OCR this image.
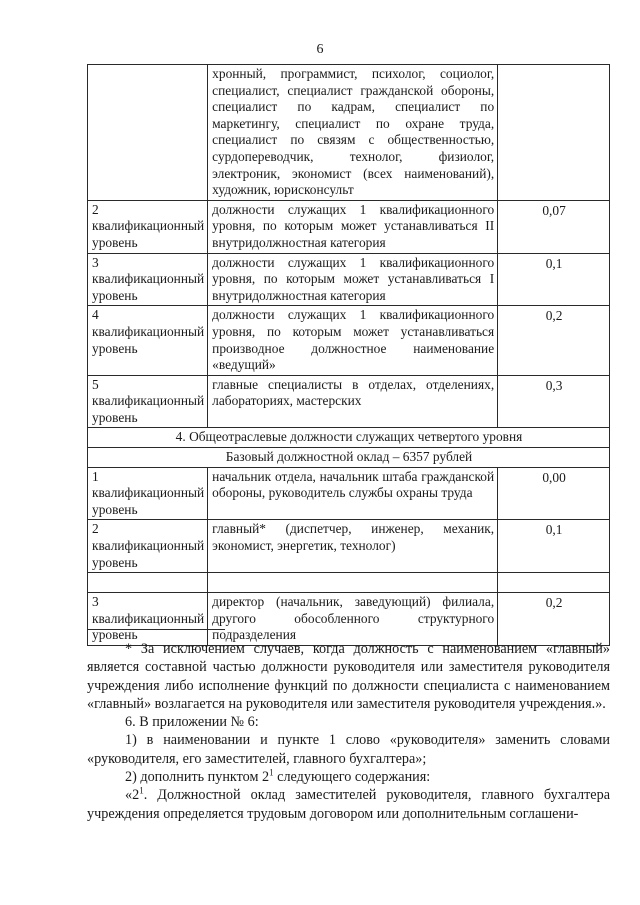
6
	хронный, программист, психолог, социолог, специалист, специалист гражданской обороны, специалист по кадрам, специалист по маркетингу, специалист по охране труда, специалист по связям с общественностью, сурдопереводчик, технолог, физиолог, электроник, экономист (всех наименований), художник, юрисконсульт	
2 квалификационный уровень	должности служащих 1 квалификационного уровня, по которым может устанавливаться II внутридолжностная категория	0,07
3 квалификационный уровень	должности служащих 1 квалификационного уровня, по которым может устанавливаться I внутридолжностная категория	0,1
4 квалификационный уровень	должности служащих 1 квалификационного уровня, по которым может устанавливаться производное должностное наименование «ведущий»	0,2
5 квалификационный уровень	главные специалисты в отделах, отделениях, лабораториях, мастерских	0,3
4. Общеотраслевые должности служащих четвертого уровня		
Базовый должностной оклад – 6357 рублей		
1 квалификационный уровень	начальник отдела, начальник штаба гражданской обороны, руководитель службы охраны труда	0,00
2 квалификационный уровень	главный* (диспетчер, инженер, механик, экономист, энергетик, технолог)	0,1

3 квалификационный уровень	директор (начальник, заведующий) филиала, другого обособленного структурного подразделения	0,2

* За исключением случаев, когда должность с наименованием «главный» является составной частью должности руководителя или заместителя руководителя учреждения либо исполнение функций по должности специалиста с наименованием «главный» возлагается на руководителя или заместителя руководителя учреждения.».

6. В приложении № 6:

1) в наименовании и пункте 1 слово «руководителя» заменить словами «руководителя, его заместителей, главного бухгалтера»;

2) дополнить пунктом $2^1$ следующего содержания:

«$2^1$. Должностной оклад заместителей руководителя, главного бухгалтера учреждения определяется трудовым договором или дополнительным соглашени-
